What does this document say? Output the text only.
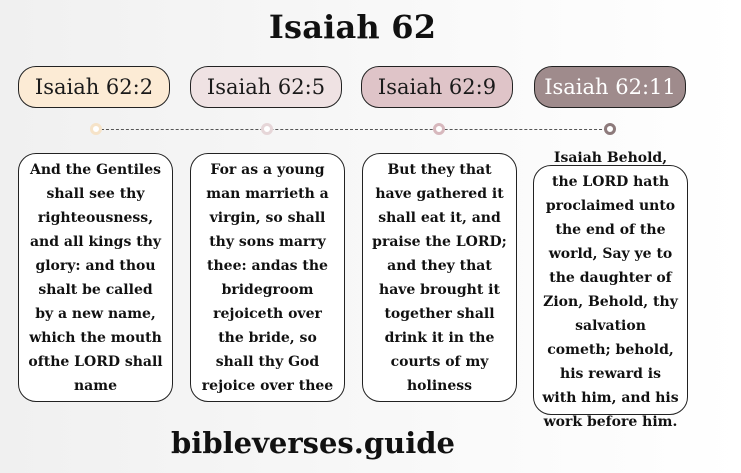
Isaiah 62
Isaiah 62:2	Isaiah 62:5	Isaiah 62:9	Isaiah 62:11
And the Gentiles shall see thy righteousness, and all kings thy glory: and thou shalt be called by a new name, which the mouth ofthe LORD shall name
For as a young man marrieth a virgin, so shall thy sons marry thee: andas the bridegroom rejoiceth over the bride, so shall thy God rejoice over thee
But they that have gathered it shall eat it, and praise the LORD; and they that have brought it together shall drink it in the courts of my holiness
Isaiah Behold, the LORD hath proclaimed unto the end of the world, Say ye to the daughter of Zion, Behold, thy salvation cometh; behold, his reward is with him, and his work before him.
bibleverses.guide
